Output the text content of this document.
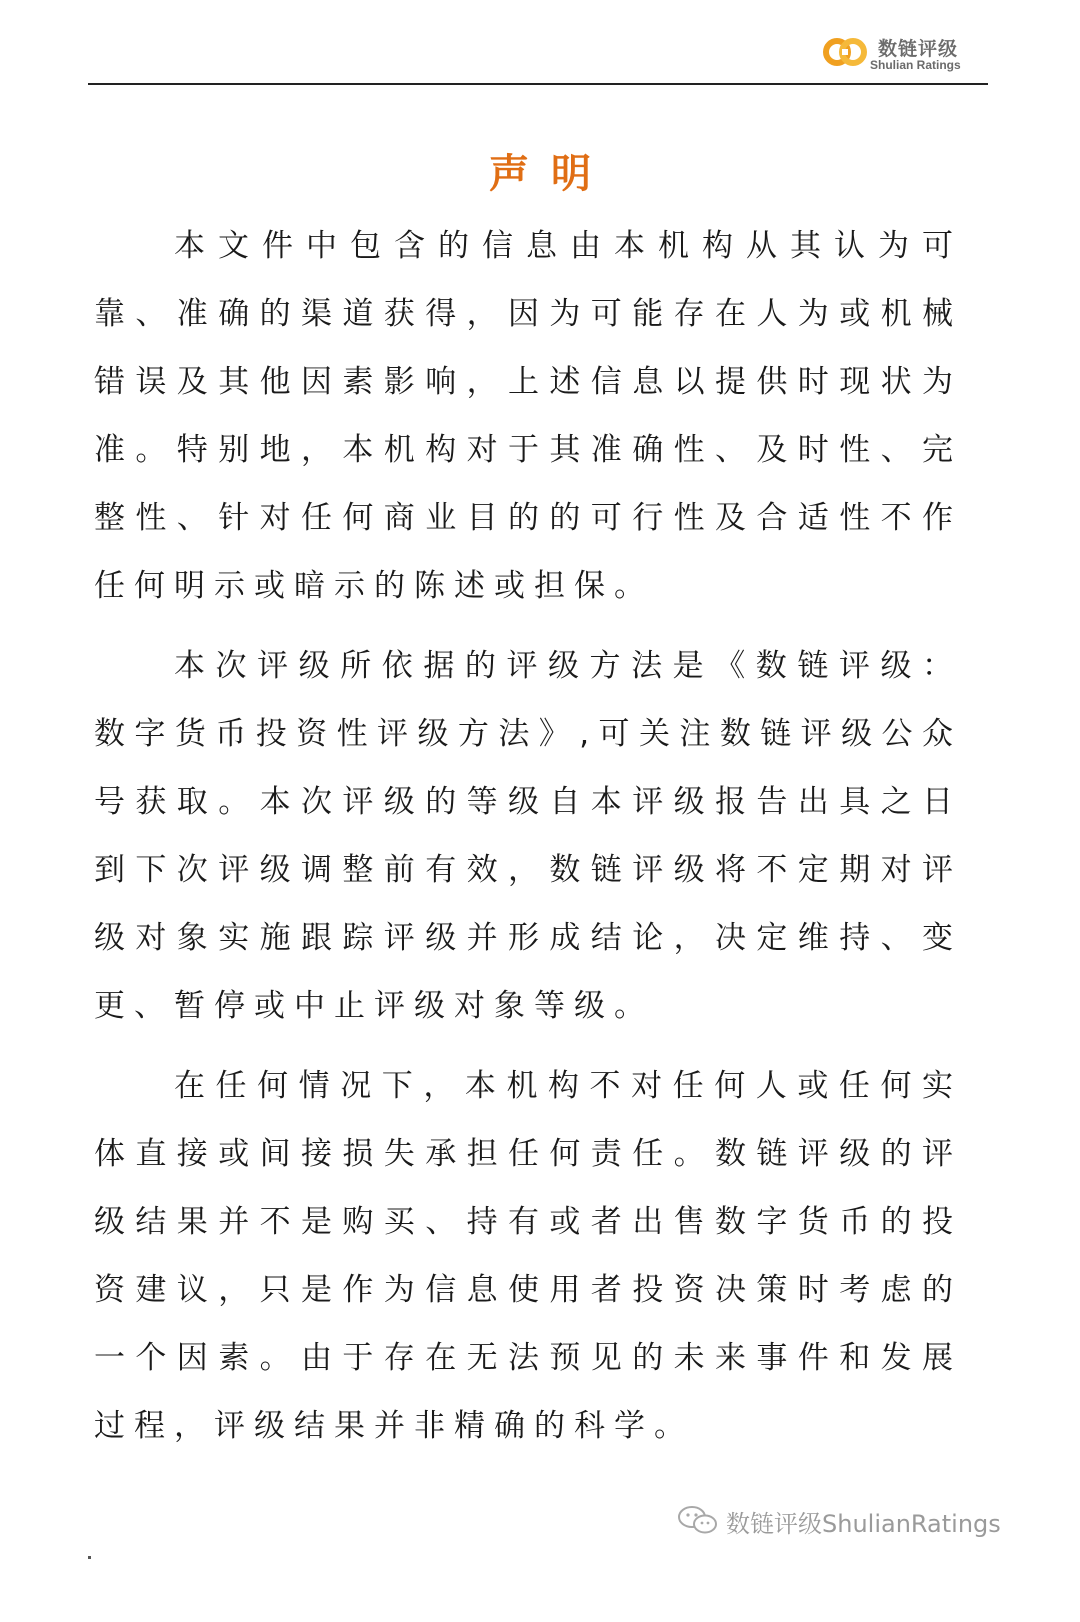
数链评级
Shulian Ratings
声明

本文件中包含的信息由本机构从其认为可靠、准确的渠道获得，因为可能存在人为或机械错误及其他因素影响，上述信息以提供时现状为准。特别地，本机构对于其准确性、及时性、完整性、针对任何商业目的的可行性及合适性不作任何明示或暗示的陈述或担保。

本次评级所依据的评级方法是《数链评级：数字货币投资性评级方法》,可关注数链评级公众号获取。本次评级的等级自本评级报告出具之日到下次评级调整前有效，数链评级将不定期对评级对象实施跟踪评级并形成结论，决定维持、变更、暂停或中止评级对象等级。

在任何情况下，本机构不对任何人或任何实体直接或间接损失承担任何责任。数链评级的评级结果并不是购买、持有或者出售数字货币的投资建议，只是作为信息使用者投资决策时考虑的一个因素。由于存在无法预见的未来事件和发展过程，评级结果并非精确的科学。

数链评级ShulianRatings
